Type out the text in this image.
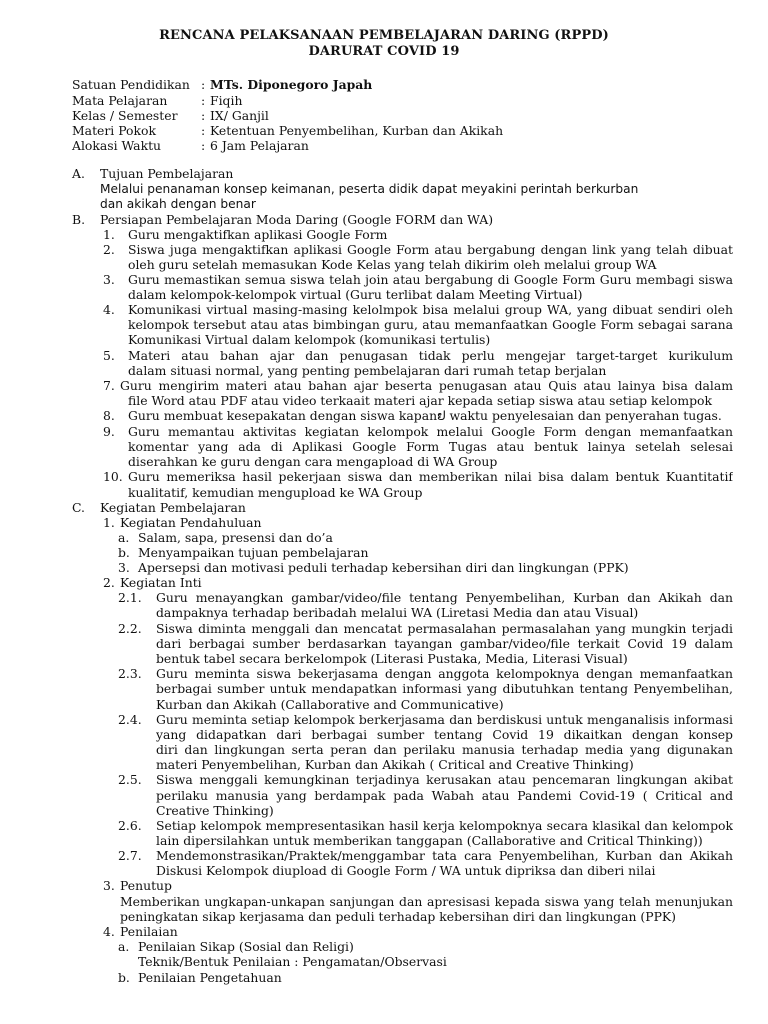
RENCANA PELAKSANAAN PEMBELAJARAN DARING (RPPD)
DARURAT COVID 19
Satuan Pendidikan : MTs. Diponegoro Japah
Mata Pelajaran	: Fiqih
Kelas / Semester : IX/ Ganjil
Materi Pokok	: Ketentuan Penyembelihan, Kurban dan Akikah
Alokasi Waktu	: 6 Jam Pelajaran
A. Tujuan Pembelajaran
Melalui penanaman konsep keimanan, peserta didik dapat meyakini perintah berkurban
dan akikah dengan benar
B. Persiapan Pembelajaran Moda Daring (Google FORM dan WA)
1. Guru mengaktifkan aplikasi Google Form
2. Siswa juga mengaktifkan aplikasi Google Form atau bergabung dengan link yang telah dibuat
oleh guru setelah memasukan Kode Kelas yang telah dikirim oleh melalui group WA
3. Guru memastikan semua siswa telah join atau bergabung di Google Form Guru membagi siswa
dalam kelompok-kelompok virtual (Guru terlibat dalam Meeting Virtual)
4. Komunikasi virtual masing-masing kelolmpok bisa melalui group WA, yang dibuat sendiri oleh
kelompok tersebut atau atas bimbingan guru, atau memanfaatkan Google Form sebagai sarana
Komunikasi Virtual dalam kelompok (komunikasi tertulis)
5. Materi atau bahan ajar dan penugasan tidak perlu mengejar target-target kurikulum
dalam situasi normal, yang penting pembelajaran dari rumah tetap berjalan
7. Guru mengirim materi atau bahan ajar beserta penugasan atau Quis atau lainya bisa dalam
file Word atau PDF atau video terkaait materi ajar kepada setiap siswa atau setiap kelompok
8. Guru membuat kesepakatan dengan siswa kapanຢ waktu penyelesaian dan penyerahan tugas.
9. Guru memantau aktivitas kegiatan kelompok melalui Google Form dengan memanfaatkan
komentar yang ada di Aplikasi Google Form Tugas atau bentuk lainya setelah selesai
diserahkan ke guru dengan cara mengapload di WA Group
10. Guru memeriksa hasil pekerjaan siswa dan memberikan nilai bisa dalam bentuk Kuantitatif
kualitatif, kemudian mengupload ke WA Group
C. Kegiatan Pembelajaran
1. Kegiatan Pendahuluan
a. Salam, sapa, presensi dan do’a
b. Menyampaikan tujuan pembelajaran
3. Apersepsi dan motivasi peduli terhadap kebersihan diri dan lingkungan (PPK)
2. Kegiatan Inti
2.1. Guru menayangkan gambar/video/file tentang Penyembelihan, Kurban dan Akikah dan
dampaknya terhadap beribadah melalui WA (Liretasi Media dan atau Visual)
2.2. Siswa diminta menggali dan mencatat permasalahan permasalahan yang mungkin terjadi
dari berbagai sumber berdasarkan tayangan gambar/video/file terkait Covid 19 dalam
bentuk tabel secara berkelompok (Literasi Pustaka, Media, Literasi Visual)
2.3. Guru meminta siswa bekerjasama dengan anggota kelompoknya dengan memanfaatkan
berbagai sumber untuk mendapatkan informasi yang dibutuhkan tentang Penyembelihan,
Kurban dan Akikah (Callaborative and Communicative)
2.4. Guru meminta setiap kelompok berkerjasama dan berdiskusi untuk menganalisis informasi
yang didapatkan dari berbagai sumber tentang Covid 19 dikaitkan dengan konsep
diri dan lingkungan serta peran dan perilaku manusia terhadap media yang digunakan
materi Penyembelihan, Kurban dan Akikah ( Critical and Creative Thinking)
2.5. Siswa menggali kemungkinan terjadinya kerusakan atau pencemaran lingkungan akibat
perilaku manusia yang berdampak pada Wabah atau Pandemi Covid-19 ( Critical and
Creative Thinking)
2.6. Setiap kelompok mempresentasikan hasil kerja kelompoknya secara klasikal dan kelompok
lain dipersilahkan untuk memberikan tanggapan (Callaborative and Critical Thinking))
2.7. Mendemonstrasikan/Praktek/menggambar tata cara Penyembelihan, Kurban dan Akikah
Diskusi Kelompok diupload di Google Form / WA untuk dipriksa dan diberi nilai
3. Penutup
Memberikan ungkapan-unkapan sanjungan dan apresisasi kepada siswa yang telah menunjukan
peningkatan sikap kerjasama dan peduli terhadap kebersihan diri dan lingkungan (PPK)
4. Penilaian
a. Penilaian Sikap (Sosial dan Religi)
Teknik/Bentuk Penilaian : Pengamatan/Observasi
b. Penilaian Pengetahuan
